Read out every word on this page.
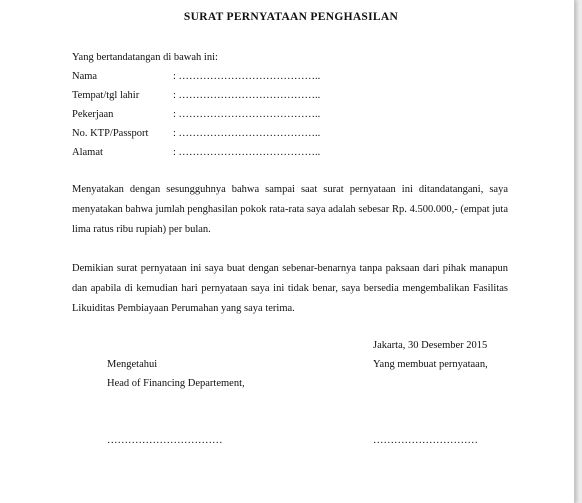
SURAT PERNYATAAN PENGHASILAN
Yang bertandatangan di bawah ini:
Nama	: …………………………………..
Tempat/tgl lahir	: …………………………………..
Pekerjaan	: …………………………………..
No. KTP/Passport : …………………………………..
Alamat	: …………………………………..
Menyatakan dengan sesungguhnya bahwa sampai saat surat pernyataan ini ditandatangani, saya menyatakan bahwa jumlah penghasilan pokok rata-rata saya adalah sebesar Rp. 4.500.000,- (empat juta lima ratus ribu rupiah) per bulan.
Demikian surat pernyataan ini saya buat dengan sebenar-benarnya tanpa paksaan dari pihak manapun dan apabila di kemudian hari pernyataan saya ini tidak benar, saya bersedia mengembalikan Fasilitas Likuiditas Pembiayaan Perumahan yang saya terima.
Jakarta, 30 Desember 2015
Mengetahui	Yang membuat pernyataan,
Head of Financing Departement,
……………………………	…………………………
